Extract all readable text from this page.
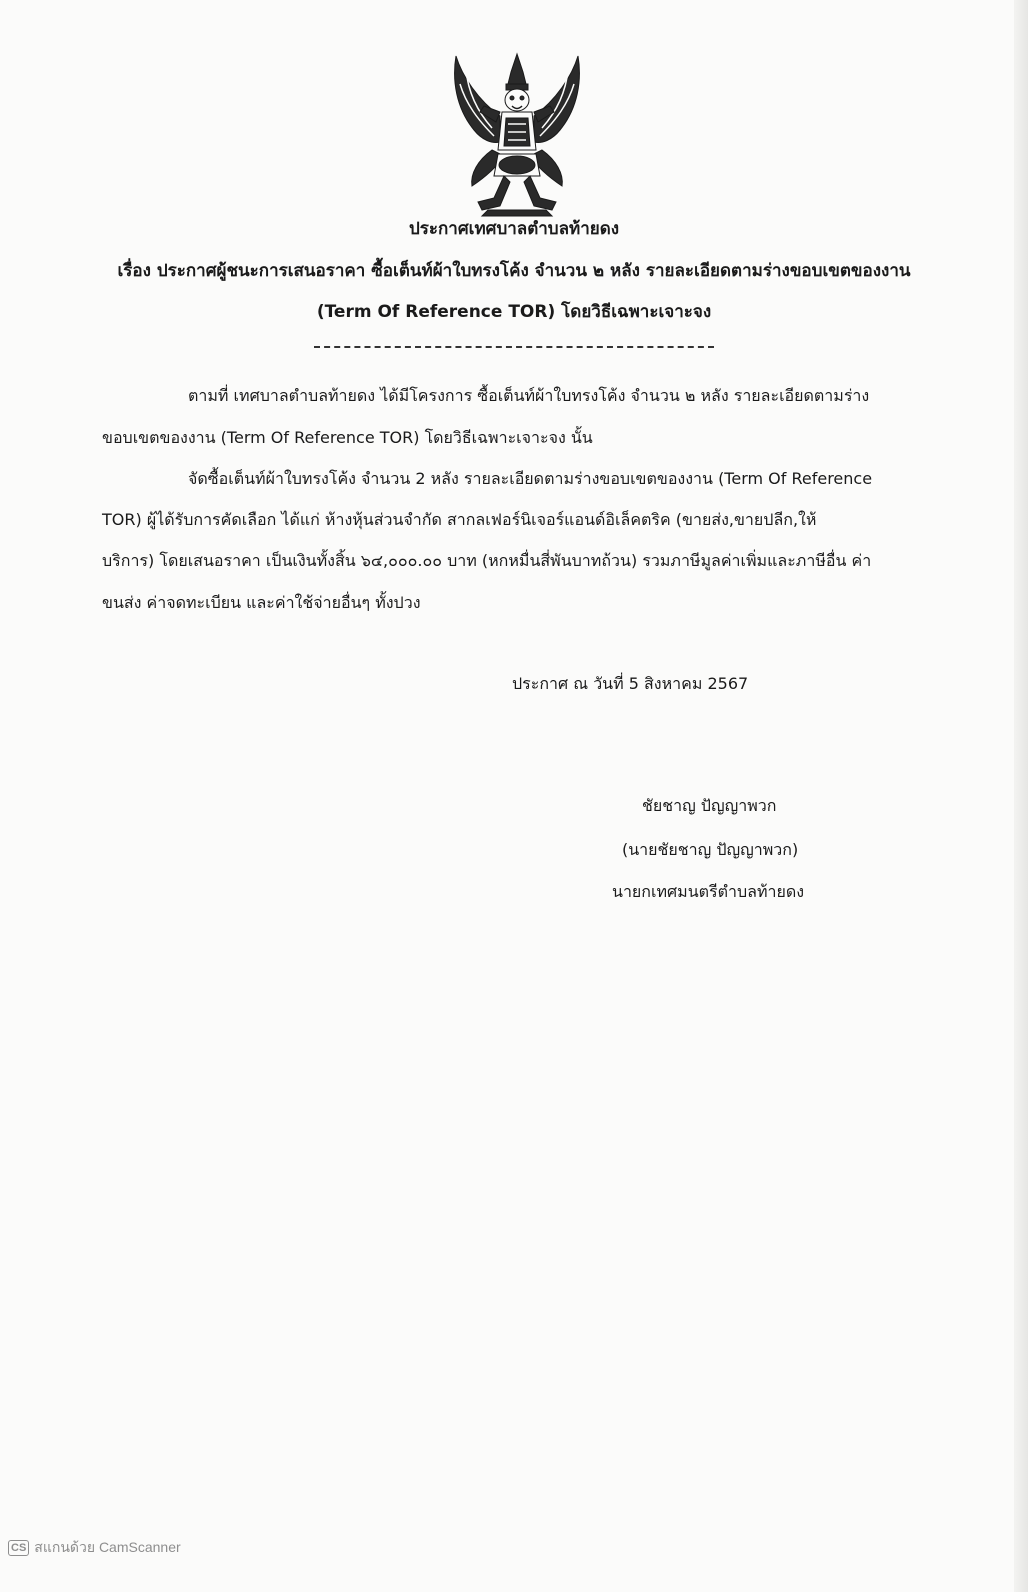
ประกาศเทศบาลตำบลท้ายดง
เรื่อง ประกาศผู้ชนะการเสนอราคา ซื้อเต็นท์ผ้าใบทรงโค้ง จำนวน ๒ หลัง รายละเอียดตามร่างขอบเขตของงาน
(Term Of Reference TOR) โดยวิธีเฉพาะเจาะจง
ตามที่ เทศบาลตำบลท้ายดง ได้มีโครงการ ซื้อเต็นท์ผ้าใบทรงโค้ง จำนวน ๒ หลัง รายละเอียดตามร่าง
ขอบเขตของงาน (Term Of Reference TOR) โดยวิธีเฉพาะเจาะจง นั้น
จัดซื้อเต็นท์ผ้าใบทรงโค้ง จำนวน 2 หลัง รายละเอียดตามร่างขอบเขตของงาน (Term Of Reference
TOR) ผู้ได้รับการคัดเลือก ได้แก่ ห้างหุ้นส่วนจำกัด สากลเฟอร์นิเจอร์แอนด์อิเล็คตริค (ขายส่ง,ขายปลีก,ให้
บริการ) โดยเสนอราคา เป็นเงินทั้งสิ้น ๖๔,๐๐๐.๐๐ บาท (หกหมื่นสี่พันบาทถ้วน) รวมภาษีมูลค่าเพิ่มและภาษีอื่น ค่า
ขนส่ง ค่าจดทะเบียน และค่าใช้จ่ายอื่นๆ ทั้งปวง
ประกาศ ณ วันที่ 5 สิงหาคม 2567
ชัยชาญ ปัญญาพวก
(นายชัยชาญ ปัญญาพวก)
นายกเทศมนตรีตำบลท้ายดง
CS สแกนด้วย CamScanner
